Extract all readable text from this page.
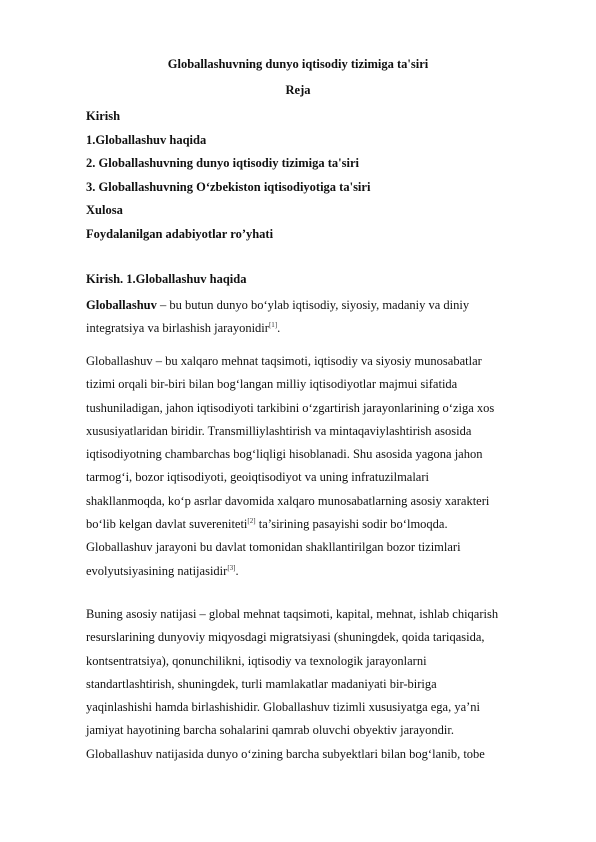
Globallashuvning dunyo iqtisodiy tizimiga ta'siri
Reja
Kirish
1.Globallashuv haqida
2. Globallashuvning dunyo iqtisodiy tizimiga ta'siri
3. Globallashuvning O‘zbekiston iqtisodiyotiga ta'siri
Xulosa
Foydalanilgan adabiyotlar ro’yhati
Kirish. 1.Globallashuv haqida
Globallashuv – bu butun dunyo bo‘ylab iqtisodiy, siyosiy, madaniy va diniy
integratsiya va birlashish jarayonidir[1].
Globallashuv – bu xalqaro mehnat taqsimoti, iqtisodiy va siyosiy munosabatlar
tizimi orqali bir-biri bilan bog‘langan milliy iqtisodiyotlar majmui sifatida
tushuniladigan, jahon iqtisodiyoti tarkibini o‘zgartirish jarayonlarining o‘ziga xos
xususiyatlaridan biridir. Transmilliylashtirish va mintaqaviylashtirish asosida
iqtisodiyotning chambarchas bog‘liqligi hisoblanadi. Shu asosida yagona jahon
tarmog‘i, bozor iqtisodiyoti, geoiqtisodiyot va uning infratuzilmalari
shakllanmoqda, ko‘p asrlar davomida xalqaro munosabatlarning asosiy xarakteri
bo‘lib kelgan davlat suvereniteti[2] ta’sirining pasayishi sodir bo‘lmoqda.
Globallashuv jarayoni bu davlat tomonidan shakllantirilgan bozor tizimlari
evolyutsiyasining natijasidir[3].
Buning asosiy natijasi – global mehnat taqsimoti, kapital, mehnat, ishlab chiqarish
resurslarining dunyoviy miqyosdagi migratsiyasi (shuningdek, qoida tariqasida,
kontsentratsiya), qonunchilikni, iqtisodiy va texnologik jarayonlarni
standartlashtirish, shuningdek, turli mamlakatlar madaniyati bir-biriga
yaqinlashishi hamda birlashishidir. Globallashuv tizimli xususiyatga ega, ya’ni
jamiyat hayotining barcha sohalarini qamrab oluvchi obyektiv jarayondir.
Globallashuv natijasida dunyo o‘zining barcha subyektlari bilan bog‘lanib, tobe
